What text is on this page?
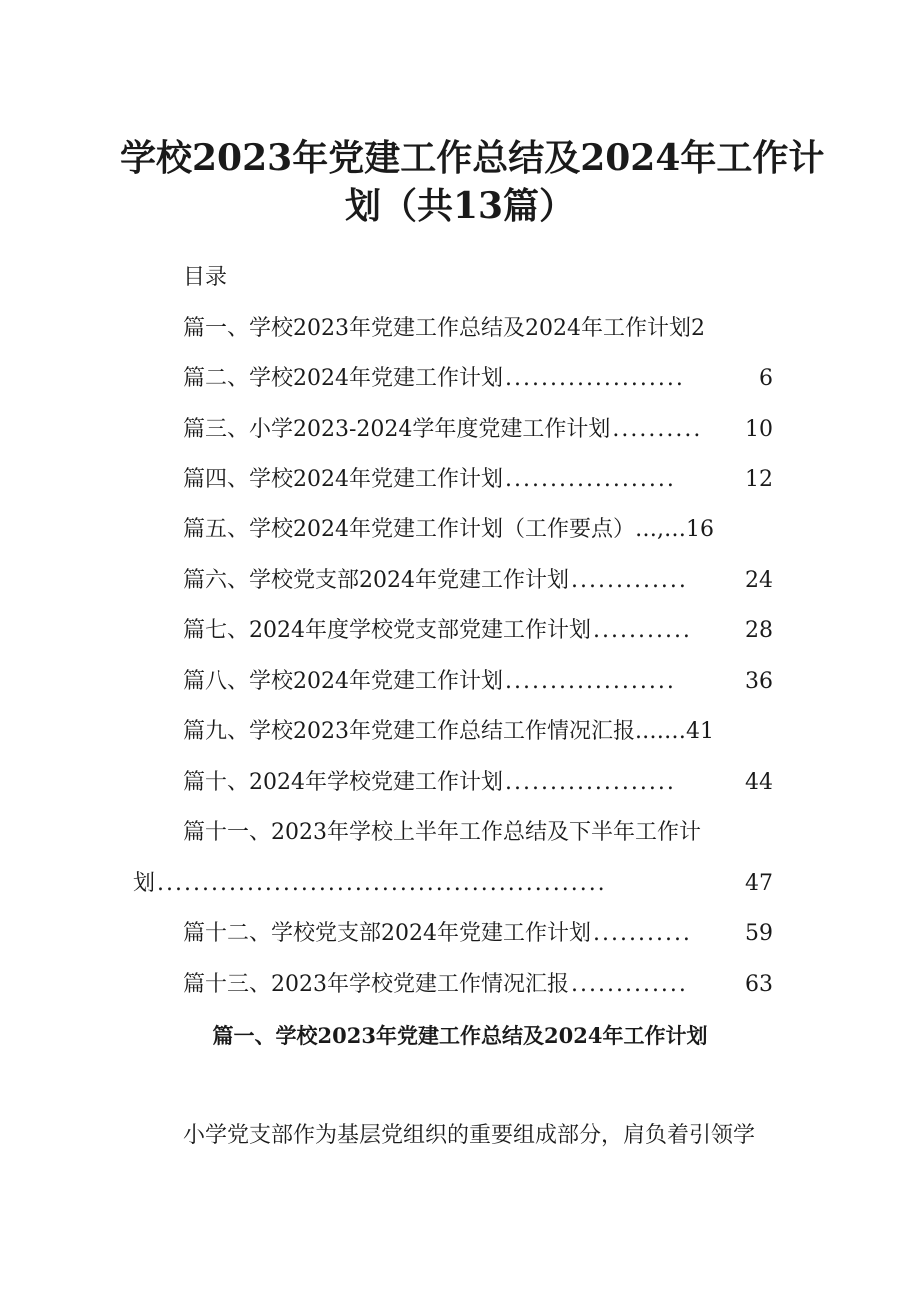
学校2023年党建工作总结及2024年工作计
划（共13篇）
目录
篇一、学校2023年党建工作总结及2024年工作计划2
篇二、学校2024年党建工作计划 ....................	6
篇三、小学2023-2024学年度党建工作计划 ..........	10
篇四、学校2024年党建工作计划 ...................	12
篇五、学校2024年党建工作计划（工作要点）…,…16
篇六、学校党支部2024年党建工作计划 .............	24
篇七、2024年度学校党支部党建工作计划 ...........	28
篇八、学校2024年党建工作计划 ...................	36
篇九、学校2023年党建工作总结工作情况汇报.……41
篇十、2024年学校党建工作计划 ...................	44
篇十一、2023年学校上半年工作总结及下半年工作计
划 ..................................................	47
篇十二、学校党支部2024年党建工作计划 ...........	59
篇十三、2023年学校党建工作情况汇报 .............	63
篇一、学校2023年党建工作总结及2024年工作计划
小学党支部作为基层党组织的重要组成部分，肩负着引领学
